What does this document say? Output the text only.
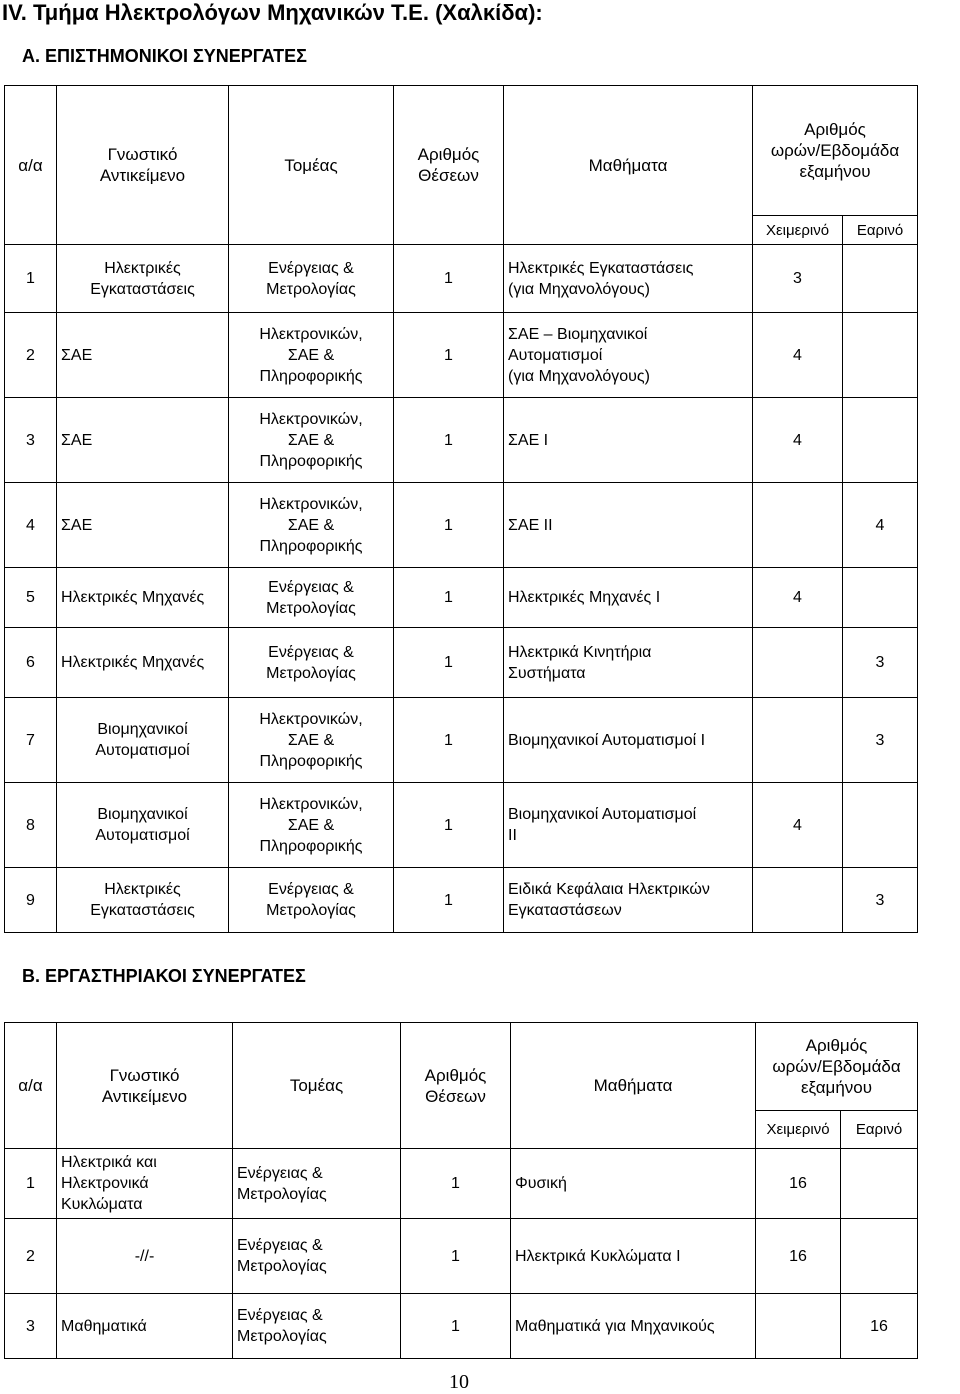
IV. Τμήμα Ηλεκτρολόγων Μηχανικών Τ.Ε. (Χαλκίδα):
Α. ΕΠΙΣΤΗΜΟΝΙΚΟΙ ΣΥΝΕΡΓΑΤΕΣ
α/α	Γνωστικό
Αντικείμενο	Τομέας	Αριθμός
Θέσεων	Μαθήματα	Αριθμός
ωρών/Εβδομάδα
εξαμήνου	

					Χειμερινό	Εαρινό
1	Ηλεκτρικές
Εγκαταστάσεις	Ενέργειας &
Μετρολογίας	1	Ηλεκτρικές Εγκαταστάσεις
(για Μηχανολόγους)	3	
2	ΣΑΕ	Ηλεκτρονικών,
ΣΑΕ &
Πληροφορικής	1	ΣΑΕ – Βιομηχανικοί
Αυτοματισμοί
(για Μηχανολόγους)	4	
3	ΣΑΕ	Ηλεκτρονικών,
ΣΑΕ &
Πληροφορικής	1	ΣΑΕ Ι	4	
4	ΣΑΕ	Ηλεκτρονικών,
ΣΑΕ &
Πληροφορικής	1	ΣΑΕ ΙΙ		4
5	Ηλεκτρικές Μηχανές	Ενέργειας &
Μετρολογίας	1	Ηλεκτρικές Μηχανές Ι	4	
6	Ηλεκτρικές Μηχανές	Ενέργειας &
Μετρολογίας	1	Ηλεκτρικά Κινητήρια
Συστήματα		3
7	Βιομηχανικοί
Αυτοματισμοί	Ηλεκτρονικών,
ΣΑΕ &
Πληροφορικής	1	Βιομηχανικοί Αυτοματισμοί Ι		3
8	Βιομηχανικοί
Αυτοματισμοί	Ηλεκτρονικών,
ΣΑΕ &
Πληροφορικής	1	Βιομηχανικοί Αυτοματισμοί
ΙΙ	4	
9	Ηλεκτρικές
Εγκαταστάσεις	Ενέργειας &
Μετρολογίας	1	Ειδικά Κεφάλαια Ηλεκτρικών
Εγκαταστάσεων		3
Β. ΕΡΓΑΣΤΗΡΙΑΚΟΙ ΣΥΝΕΡΓΑΤΕΣ
α/α	Γνωστικό
Αντικείμενο	Τομέας	Αριθμός
Θέσεων	Μαθήματα	Αριθμός
ωρών/Εβδομάδα
εξαμήνου	

					Χειμερινό	Εαρινό
1	Ηλεκτρικά και
Ηλεκτρονικά
Κυκλώματα	Ενέργειας &
Μετρολογίας	1	Φυσική	16	
2	-//-	Ενέργειας &
Μετρολογίας	1	Ηλεκτρικά Κυκλώματα Ι	16	
3	Μαθηματικά	Ενέργειας &
Μετρολογίας	1	Μαθηματικά για Μηχανικούς		16
10
